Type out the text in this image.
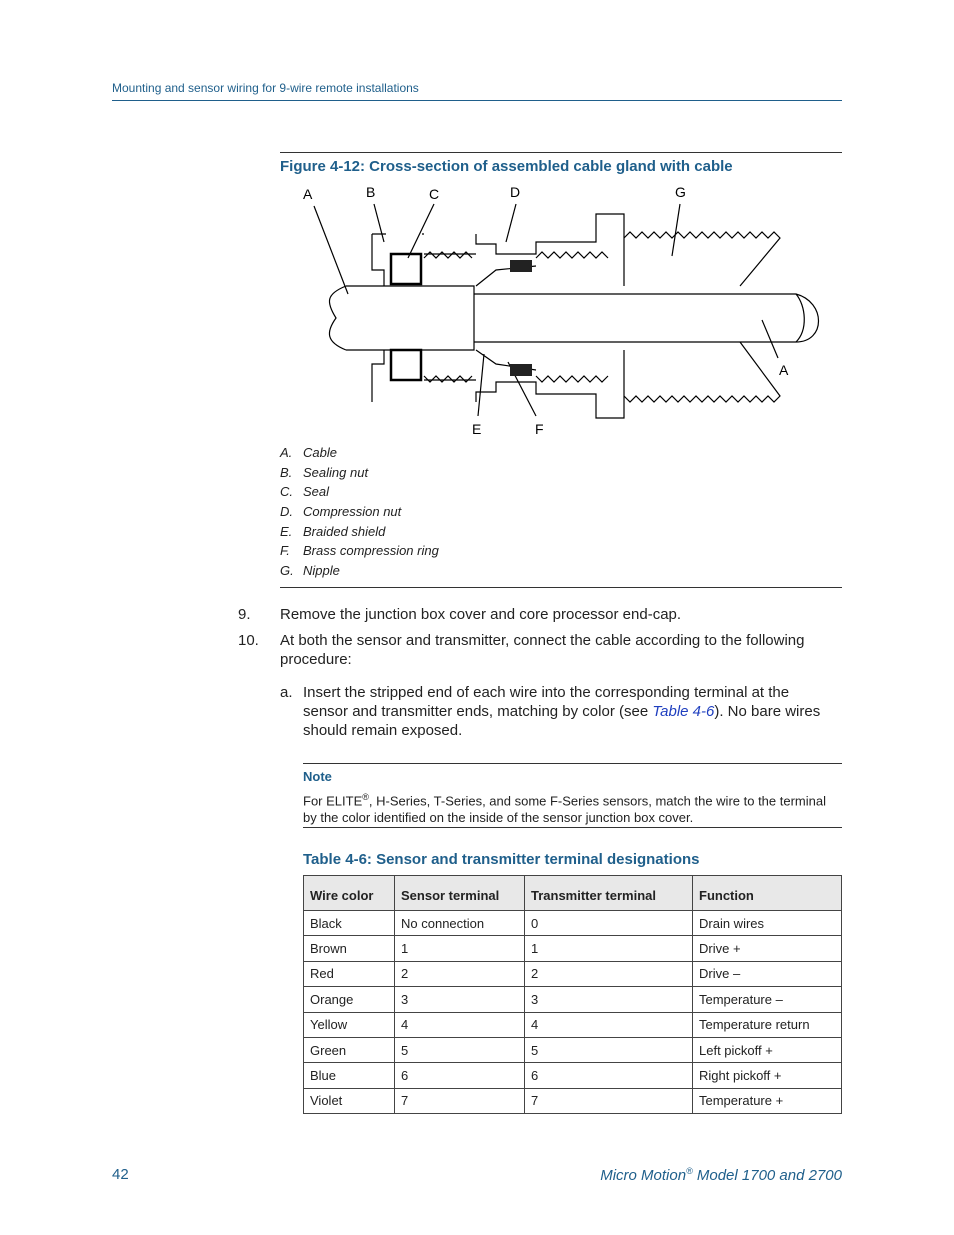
Mounting and sensor wiring for 9-wire remote installations
Figure 4-12: Cross-section of assembled cable gland with cable
A	B	C	D	G
A
E	F
A. Cable
B. Sealing nut
C. Seal
D. Compression nut
E. Braided shield
F. Brass compression ring
G. Nipple
9. Remove the junction box cover and core processor end-cap.
10. At both the sensor and transmitter, connect the cable according to the following procedure:
a. Insert the stripped end of each wire into the corresponding terminal at the sensor and transmitter ends, matching by color (see Table 4-6). No bare wires should remain exposed.
Note
For ELITE®, H-Series, T-Series, and some F-Series sensors, match the wire to the terminal by the color identified on the inside of the sensor junction box cover.
Table 4-6: Sensor and transmitter terminal designations
Wire color	Sensor terminal	Transmitter terminal	Function
Black	No connection	0	Drain wires
Brown	1	1	Drive +
Red	2	2	Drive –
Orange	3	3	Temperature –
Yellow	4	4	Temperature return
Green	5	5	Left pickoff +
Blue	6	6	Right pickoff +
Violet	7	7	Temperature +
42	Micro Motion® Model 1700 and 2700
